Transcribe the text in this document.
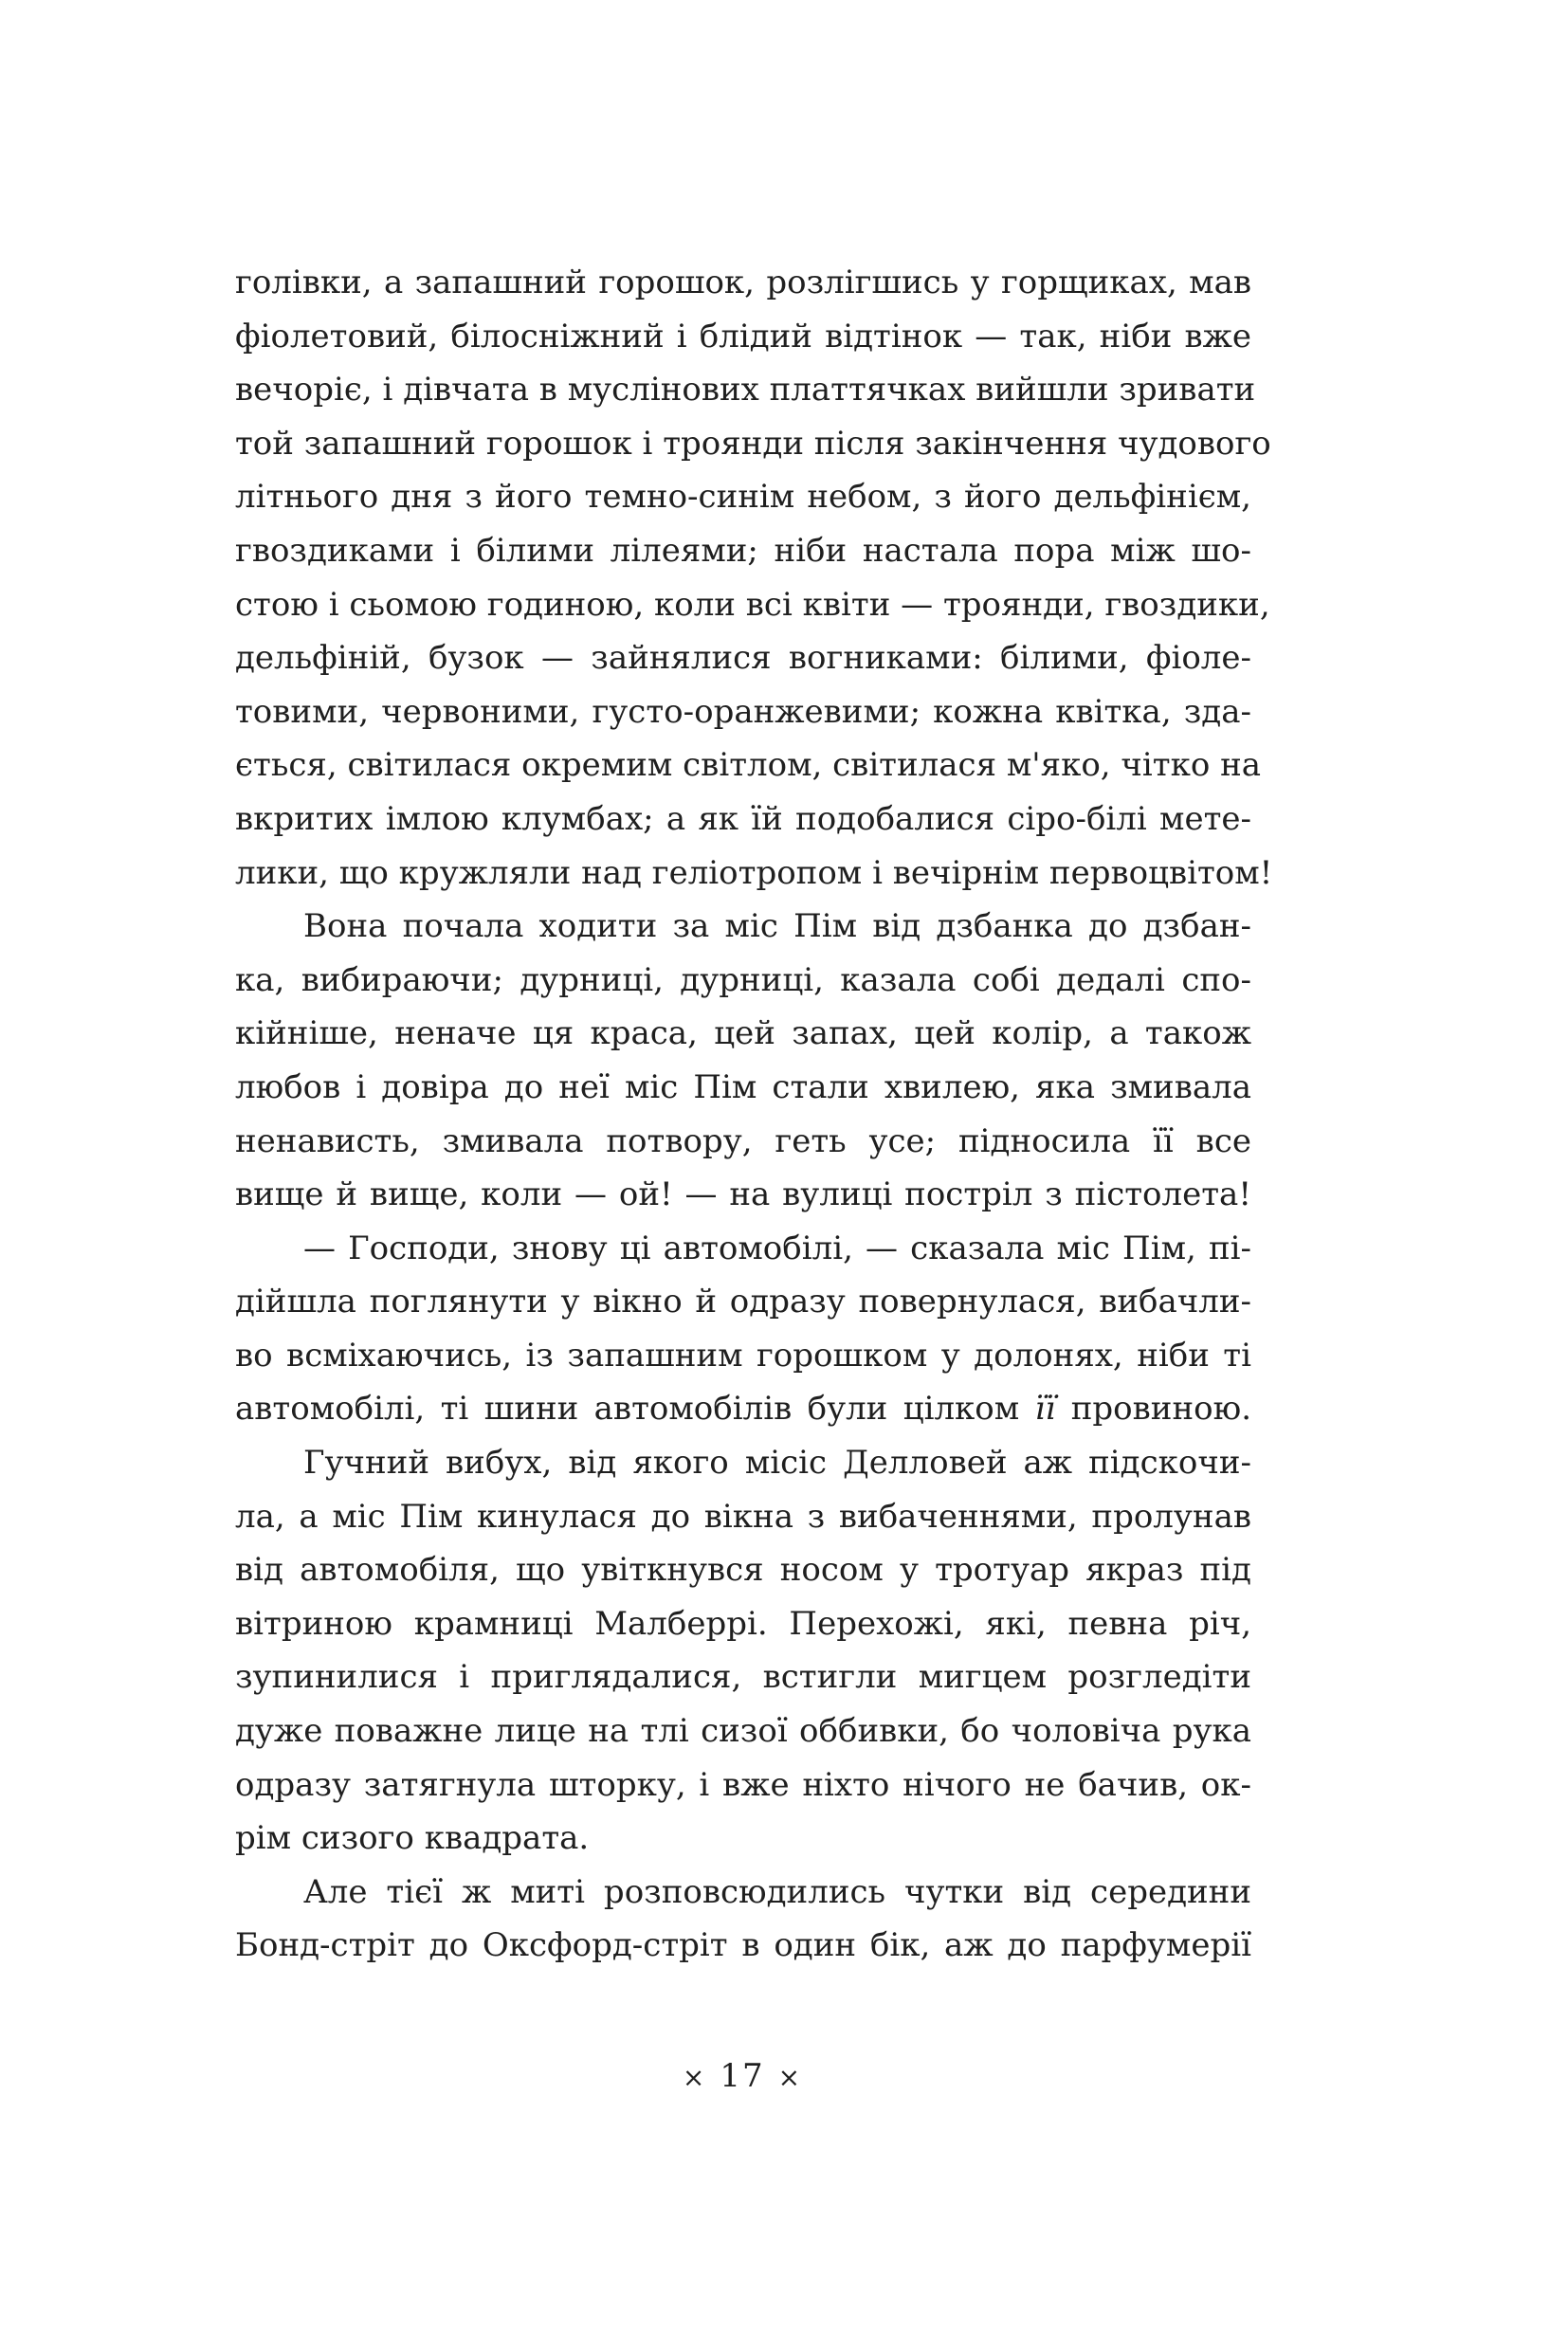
голівки, а запашний горошок, розлігшись у горщиках, мав
фіолетовий, білосніжний і блідий відтінок — так, ніби вже
вечоріє, і дівчата в муслінових платтячках вийшли зривати
той запашний горошок і троянди після закінчення чудового
літнього дня з його темно-синім небом, з його дельфінієм,
гвоздиками і білими лілеями; ніби настала пора між шо-
стою і сьомою годиною, коли всі квіти — троянди, гвоздики,
дельфіній, бузок — зайнялися вогниками: білими, фіоле-
товими, червоними, густо-оранжевими; кожна квітка, зда-
ється, світилася окремим світлом, світилася м'яко, чітко на
вкритих імлою клумбах; а як їй подобалися сіро-білі мете-
лики, що кружляли над геліотропом і вечірнім первоцвітом!
Вона почала ходити за міс Пім від дзбанка до дзбан-
ка, вибираючи; дурниці, дурниці, казала собі дедалі спо-
кійніше, неначе ця краса, цей запах, цей колір, а також
любов і довіра до неї міс Пім стали хвилею, яка змивала
ненависть, змивала потвору, геть усе; підносила її все
вище й вище, коли — ой! — на вулиці постріл з пістолета!
— Господи, знову ці автомобілі, — сказала міс Пім, пі-
дійшла поглянути у вікно й одразу повернулася, вибачли-
во всміхаючись, із запашним горошком у долонях, ніби ті
автомобілі, ті шини автомобілів були цілком її провиною.
Гучний вибух, від якого місіс Делловей аж підскочи-
ла, а міс Пім кинулася до вікна з вибаченнями, пролунав
від автомобіля, що увіткнувся носом у тротуар якраз під
вітриною крамниці Малберрі. Перехожі, які, певна річ,
зупинилися і приглядалися, встигли мигцем розгледіти
дуже поважне лице на тлі сизої оббивки, бо чоловіча рука
одразу затягнула шторку, і вже ніхто нічого не бачив, ок-
рім сизого квадрата.
Але тієї ж миті розповсюдились чутки від середини
Бонд-стріт до Оксфорд-стріт в один бік, аж до парфумерії
× 17 ×
